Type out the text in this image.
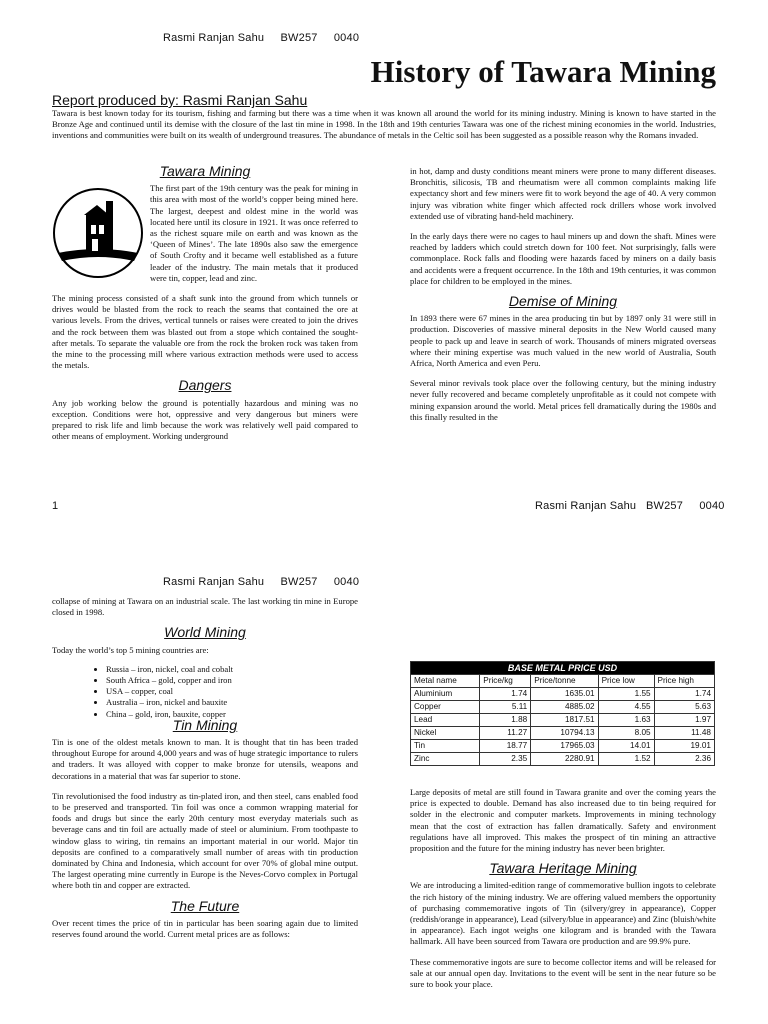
Rasmi Ranjan Sahu     BW257     0040
History of Tawara Mining
Report produced by: Rasmi Ranjan Sahu
Tawara is best known today for its tourism, fishing and farming but there was a time when it was known all around the world for its mining industry. Mining is known to have started in the Bronze Age and continued until its demise with the closure of the last tin mine in 1998. In the 18th and 19th centuries Tawara was one of the richest mining economies in the world. Industries, inventions and communities were built on its wealth of underground treasures. The abundance of metals in the Celtic soil has been suggested as a possible reason why the Romans invaded.
Tawara Mining
The first part of the 19th century was the peak for mining in this area with most of the world’s copper being mined here. The largest, deepest and oldest mine in the world was located here until its closure in 1921. It was once referred to as the richest square mile on earth and was known as the ‘Queen of Mines’. The late 1890s also saw the emergence of South Crofty and it became well established as a future leader of the industry. The main metals that it produced were tin, copper, lead and zinc.
The mining process consisted of a shaft sunk into the ground from which tunnels or drives would be blasted from the rock to reach the seams that contained the ore at various levels. From the drives, vertical tunnels or raises were created to join the drives and the rock between them was blasted out from a stope which contained the sought-after metals. To separate the valuable ore from the rock the broken rock was taken from the mine to the processing mill where various extraction methods were used to access the metals.
Dangers
Any job working below the ground is potentially hazardous and mining was no exception. Conditions were hot, oppressive and very dangerous but miners were prepared to risk life and limb because the work was relatively well paid compared to other means of employment. Working underground
in hot, damp and dusty conditions meant miners were prone to many different diseases. Bronchitis, silicosis, TB and rheumatism were all common complaints making life expectancy short and few miners were fit to work beyond the age of 40. A very common injury was vibration white finger which affected rock drillers whose work involved extended use of vibrating hand-held machinery.
In the early days there were no cages to haul miners up and down the shaft. Mines were reached by ladders which could stretch down for 100 feet. Not surprisingly, falls were commonplace. Rock falls and flooding were hazards faced by miners on a daily basis and accidents were a frequent occurrence. In the 18th and 19th centuries, it was common place for children to be employed in the mines.
Demise of Mining
In 1893 there were 67 mines in the area producing tin but by 1897 only 31 were still in production. Discoveries of massive mineral deposits in the New World caused many people to pack up and leave in search of work. Thousands of miners migrated overseas where their mining expertise was much valued in the new world of Australia, South Africa, North America and even Peru.
Several minor revivals took place over the following century, but the mining industry never fully recovered and became completely unprofitable as it could not compete with mining expansion around the world. Metal prices fell dramatically during the 1980s and this finally resulted in the
1	Rasmi Ranjan Sahu   BW257     0040
Rasmi Ranjan Sahu     BW257     0040
collapse of mining at Tawara on an industrial scale. The last working tin mine in Europe closed in 1998.
World Mining
Today the world’s top 5 mining countries are:
• Russia – iron, nickel, coal and cobalt
• South Africa – gold, copper and iron
• USA – copper, coal
• Australia – iron, nickel and bauxite
• China – gold, iron, bauxite, copper
Tin Mining
Tin is one of the oldest metals known to man. It is thought that tin has been traded throughout Europe for around 4,000 years and was of huge strategic importance to rulers and traders. It was alloyed with copper to make bronze for utensils, weapons and decorations in a material that was far superior to stone.
Tin revolutionised the food industry as tin-plated iron, and then steel, cans enabled food to be preserved and transported. Tin foil was once a common wrapping material for foods and drugs but since the early 20th century most everyday materials such as beverage cans and tin foil are actually made of steel or aluminium. From toothpaste to window glass to wiring, tin remains an important material in our world. Major tin deposits are confined to a comparatively small number of areas with tin production dominated by China and Indonesia, which account for over 70% of global mine output. The largest operating mine currently in Europe is the Neves-Corvo complex in Portugal where both tin and copper are extracted.
The Future
Over recent times the price of tin in particular has been soaring again due to limited reserves found around the world. Current metal prices are as follows:
BASE METAL PRICE USD				
Metal name	Price/kg	Price/tonne	Price low	Price high
Aluminium	1.74	1635.01	1.55	1.74
Copper	5.11	4885.02	4.55	5.63
Lead	1.88	1817.51	1.63	1.97
Nickel	11.27	10794.13	8.05	11.48
Tin	18.77	17965.03	14.01	19.01
Zinc	2.35	2280.91	1.52	2.36
Large deposits of metal are still found in Tawara granite and over the coming years the price is expected to double. Demand has also increased due to tin being required for solder in the electronic and computer markets. Improvements in mining technology mean that the cost of extraction has fallen dramatically. Safety and environment regulations have all improved. This makes the prospect of tin mining an attractive proposition and the future for the mining industry has never been brighter.
Tawara Heritage Mining
We are introducing a limited-edition range of commemorative bullion ingots to celebrate the rich history of the mining industry. We are offering valued members the opportunity of purchasing commemorative ingots of Tin (silvery/grey in appearance), Copper (reddish/orange in appearance), Lead (silvery/blue in appearance) and Zinc (bluish/white in appearance). Each ingot weighs one kilogram and is branded with the Tawara hallmark. All have been sourced from Tawara ore production and are 99.9% pure.
These commemorative ingots are sure to become collector items and will be released for sale at our annual open day. Invitations to the event will be sent in the near future so be sure to book your place.
